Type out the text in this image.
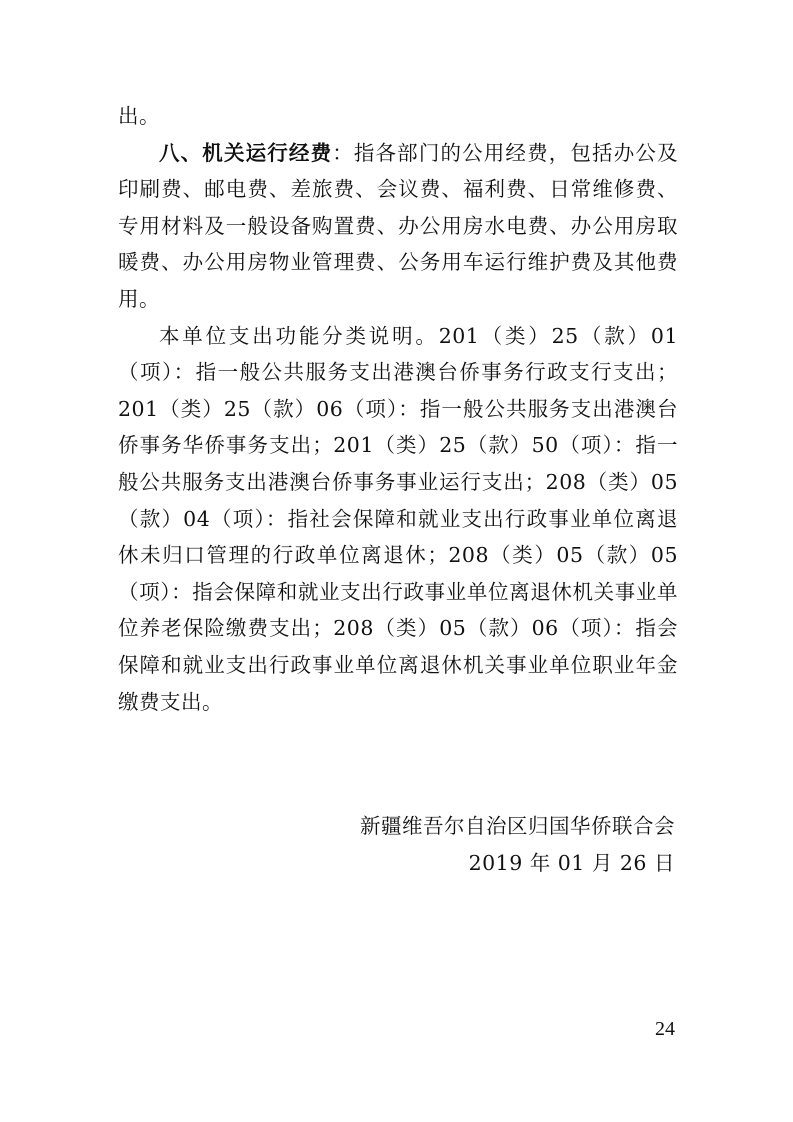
出。

八、机关运行经费：指各部门的公用经费，包括办公及印刷费、邮电费、差旅费、会议费、福利费、日常维修费、专用材料及一般设备购置费、办公用房水电费、办公用房取暖费、办公用房物业管理费、公务用车运行维护费及其他费用。

本单位支出功能分类说明。201（类）25（款）01（项）：指一般公共服务支出港澳台侨事务行政支行支出；201（类）25（款）06（项）：指一般公共服务支出港澳台侨事务华侨事务支出；201（类）25（款）50（项）：指一般公共服务支出港澳台侨事务事业运行支出；208（类）05（款）04（项）：指社会保障和就业支出行政事业单位离退休未归口管理的行政单位离退休；208（类）05（款）05（项）：指会保障和就业支出行政事业单位离退休机关事业单位养老保险缴费支出；208（类）05（款）06（项）：指会保障和就业支出行政事业单位离退休机关事业单位职业年金缴费支出。

新疆维吾尔自治区归国华侨联合会
2019 年 01 月 26 日
24
